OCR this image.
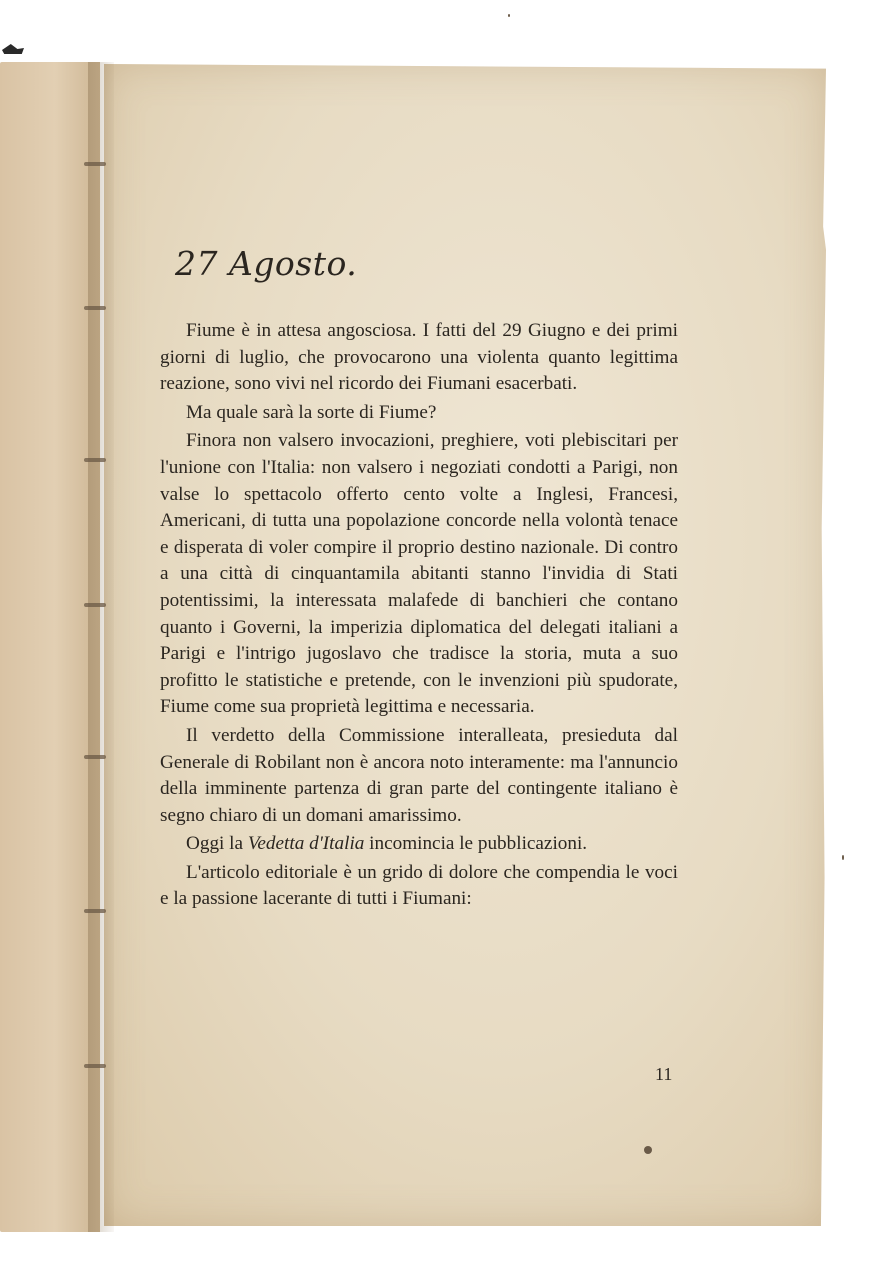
27 Agosto.

Fiume è in attesa angosciosa. I fatti del 29 Giugno e dei primi giorni di luglio, che provocarono una violenta quanto legittima reazione, sono vivi nel ricordo dei Fiumani esacerbati.

Ma quale sarà la sorte di Fiume?

Finora non valsero invocazioni, preghiere, voti plebiscitari per l'unione con l'Italia: non valsero i negoziati condotti a Parigi, non valse lo spettacolo offerto cento volte a Inglesi, Francesi, Americani, di tutta una popolazione concorde nella volontà tenace e disperata di voler compire il proprio destino nazionale. Di contro a una città di cinquantamila abitanti stanno l'invidia di Stati potentissimi, la interessata malafede di banchieri che contano quanto i Governi, la imperizia diplomatica del delegati italiani a Parigi e l'intrigo jugoslavo che tradisce la storia, muta a suo profitto le statistiche e pretende, con le invenzioni più spudorate, Fiume come sua proprietà legittima e necessaria.

Il verdetto della Commissione interalleata, presieduta dal Generale di Robilant non è ancora noto interamente: ma l'annuncio della imminente partenza di gran parte del contingente italiano è segno chiaro di un domani amarissimo.

Oggi la Vedetta d'Italia incomincia le pubblicazioni.

L'articolo editoriale è un grido di dolore che compendia le voci e la passione lacerante di tutti i Fiumani:

11
